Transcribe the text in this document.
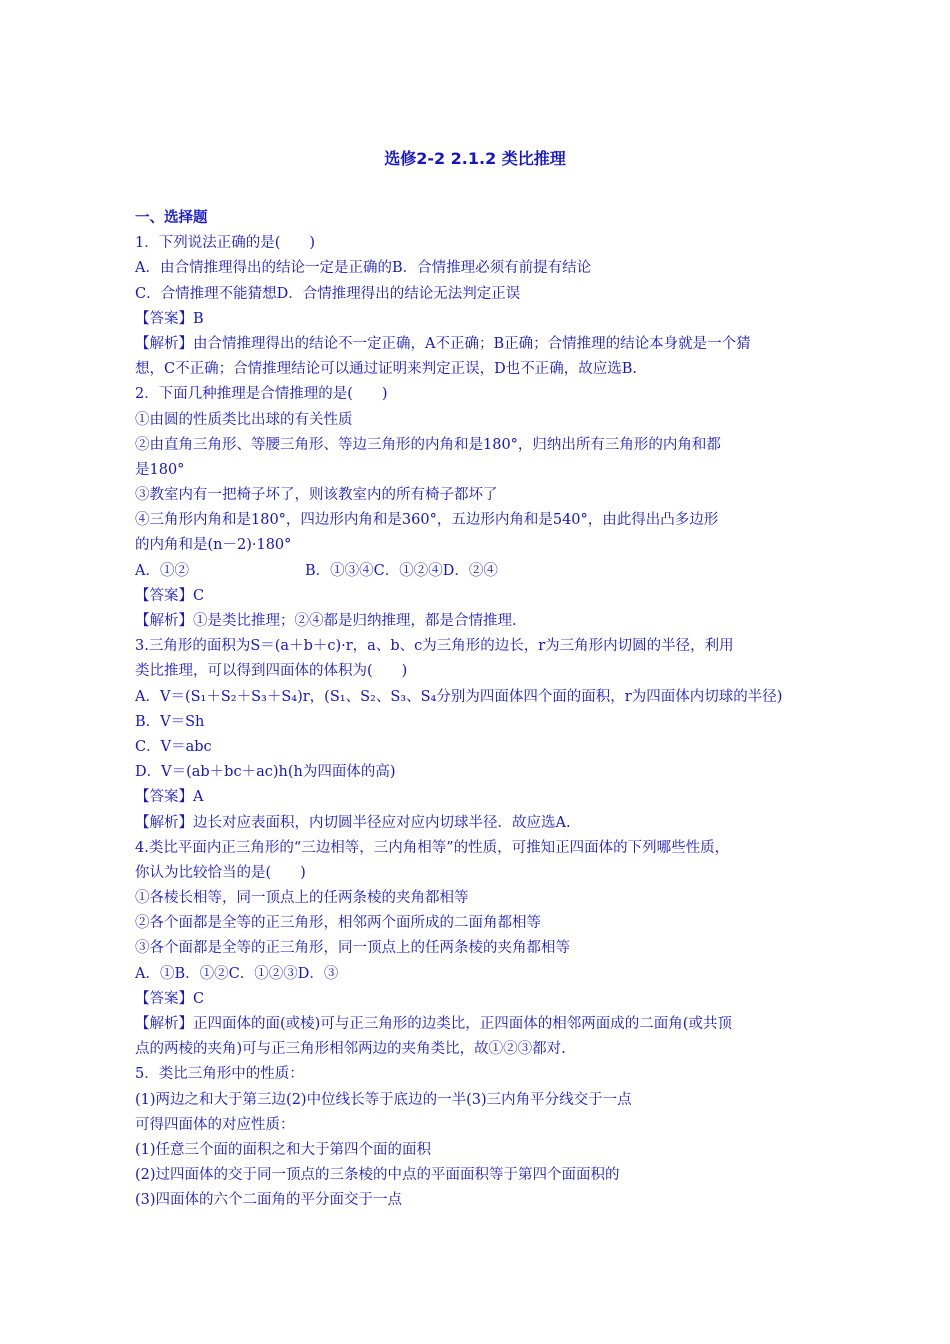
选修2-2 2.1.2 类比推理
一、选择题
1．下列说法正确的是(　　)
A．由合情推理得出的结论一定是正确的B．合情推理必须有前提有结论
C．合情推理不能猜想D．合情推理得出的结论无法判定正误
【答案】B
【解析】由合情推理得出的结论不一定正确，A不正确；B正确；合情推理的结论本身就是一个猜
想，C不正确；合情推理结论可以通过证明来判定正误，D也不正确，故应选B.
2．下面几种推理是合情推理的是(　　)
①由圆的性质类比出球的有关性质
②由直角三角形、等腰三角形、等边三角形的内角和是180°，归纳出所有三角形的内角和都
是180°
③教室内有一把椅子坏了，则该教室内的所有椅子都坏了
④三角形内角和是180°，四边形内角和是360°，五边形内角和是540°，由此得出凸多边形
的内角和是(n－2)·180°
A．①②　　　　　　　　B．①③④C．①②④D．②④
【答案】C
【解析】①是类比推理；②④都是归纳推理，都是合情推理.
3.三角形的面积为S＝(a＋b＋c)·r，a、b、c为三角形的边长，r为三角形内切圆的半径，利用
类比推理，可以得到四面体的体积为(　　)
A．V＝(S₁＋S₂＋S₃＋S₄)r，(S₁、S₂、S₃、S₄分别为四面体四个面的面积，r为四面体内切球的半径)
B．V＝Sh
C．V＝abc
D．V＝(ab＋bc＋ac)h(h为四面体的高)
【答案】A
【解析】边长对应表面积，内切圆半径应对应内切球半径．故应选A.
4.类比平面内正三角形的“三边相等，三内角相等”的性质，可推知正四面体的下列哪些性质，
你认为比较恰当的是(　　)
①各棱长相等，同一顶点上的任两条棱的夹角都相等
②各个面都是全等的正三角形，相邻两个面所成的二面角都相等
③各个面都是全等的正三角形，同一顶点上的任两条棱的夹角都相等
A．①B．①②C．①②③D．③
【答案】C
【解析】正四面体的面(或棱)可与正三角形的边类比，正四面体的相邻两面成的二面角(或共顶
点的两棱的夹角)可与正三角形相邻两边的夹角类比，故①②③都对.
5．类比三角形中的性质：
(1)两边之和大于第三边(2)中位线长等于底边的一半(3)三内角平分线交于一点
可得四面体的对应性质：
(1)任意三个面的面积之和大于第四个面的面积
(2)过四面体的交于同一顶点的三条棱的中点的平面面积等于第四个面面积的
(3)四面体的六个二面角的平分面交于一点
